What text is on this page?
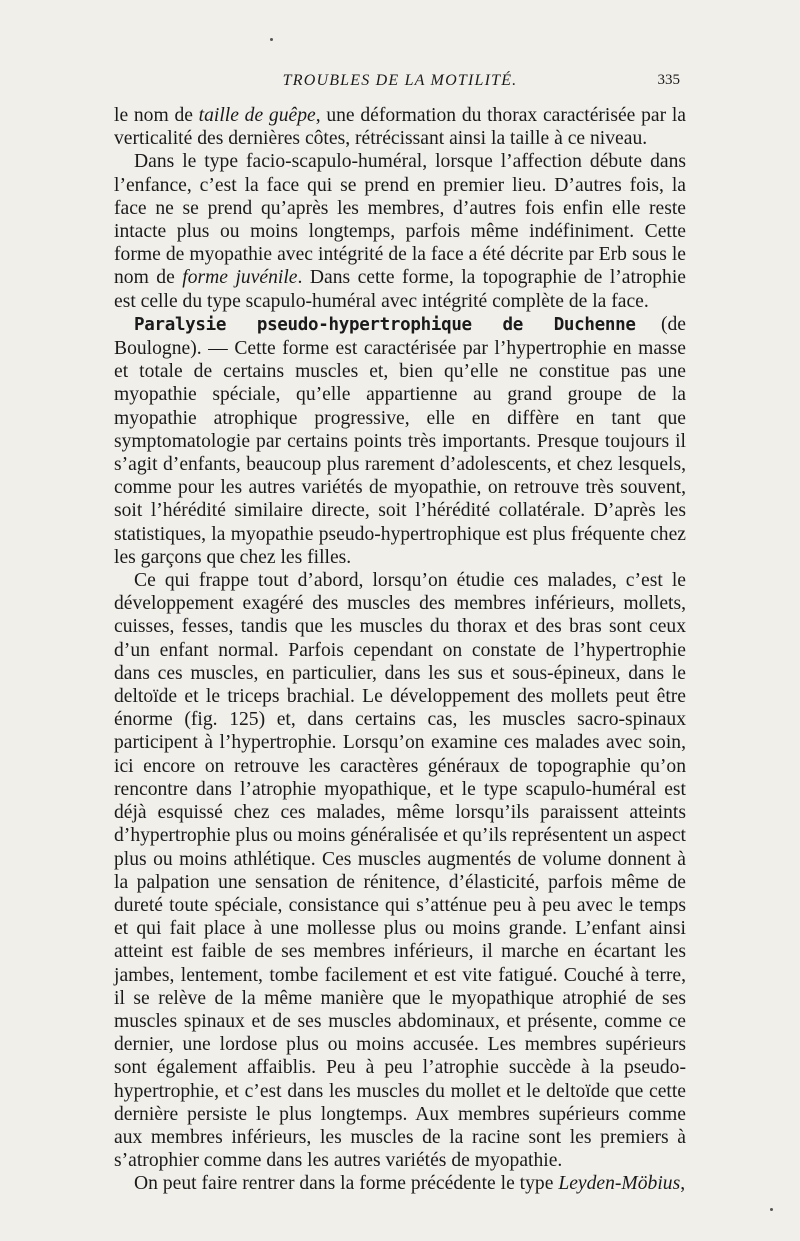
TROUBLES DE LA MOTILITÉ.	335

le nom de taille de guêpe, une déformation du thorax caractérisée par la verticalité des dernières côtes, rétrécissant ainsi la taille à ce niveau.

Dans le type facio-scapulo-huméral, lorsque l’affection débute dans l’enfance, c’est la face qui se prend en premier lieu. D’autres fois, la face ne se prend qu’après les membres, d’autres fois enfin elle reste intacte plus ou moins longtemps, parfois même indéfiniment. Cette forme de myopathie avec intégrité de la face a été décrite par Erb sous le nom de forme juvénile. Dans cette forme, la topographie de l’atrophie est celle du type scapulo-huméral avec intégrité complète de la face.

Paralysie pseudo-hypertrophique de Duchenne (de Boulogne). — Cette forme est caractérisée par l’hypertrophie en masse et totale de certains muscles et, bien qu’elle ne constitue pas une myopathie spéciale, qu’elle appartienne au grand groupe de la myopathie atrophique progressive, elle en diffère en tant que symptomatologie par certains points très importants. Presque toujours il s’agit d’enfants, beaucoup plus rarement d’adolescents, et chez lesquels, comme pour les autres variétés de myopathie, on retrouve très souvent, soit l’hérédité similaire directe, soit l’hérédité collatérale. D’après les statistiques, la myopathie pseudo-hypertrophique est plus fréquente chez les garçons que chez les filles.

Ce qui frappe tout d’abord, lorsqu’on étudie ces malades, c’est le développement exagéré des muscles des membres inférieurs, mollets, cuisses, fesses, tandis que les muscles du thorax et des bras sont ceux d’un enfant normal. Parfois cependant on constate de l’hypertrophie dans ces muscles, en particulier, dans les sus et sous-épineux, dans le deltoïde et le triceps brachial. Le développement des mollets peut être énorme (fig. 125) et, dans certains cas, les muscles sacro-spinaux participent à l’hypertrophie. Lorsqu’on examine ces malades avec soin, ici encore on retrouve les caractères généraux de topographie qu’on rencontre dans l’atrophie myopathique, et le type scapulo-huméral est déjà esquissé chez ces malades, même lorsqu’ils paraissent atteints d’hypertrophie plus ou moins généralisée et qu’ils représentent un aspect plus ou moins athlétique. Ces muscles augmentés de volume donnent à la palpation une sensation de rénitence, d’élasticité, parfois même de dureté toute spéciale, consistance qui s’atténue peu à peu avec le temps et qui fait place à une mollesse plus ou moins grande. L’enfant ainsi atteint est faible de ses membres inférieurs, il marche en écartant les jambes, lentement, tombe facilement et est vite fatigué. Couché à terre, il se relève de la même manière que le myopathique atrophié de ses muscles spinaux et de ses muscles abdominaux, et présente, comme ce dernier, une lordose plus ou moins accusée. Les membres supérieurs sont également affaiblis. Peu à peu l’atrophie succède à la pseudo-hypertrophie, et c’est dans les muscles du mollet et le deltoïde que cette dernière persiste le plus longtemps. Aux membres supérieurs comme aux membres inférieurs, les muscles de la racine sont les premiers à s’atrophier comme dans les autres variétés de myopathie.

On peut faire rentrer dans la forme précédente le type Leyden-Möbius,
